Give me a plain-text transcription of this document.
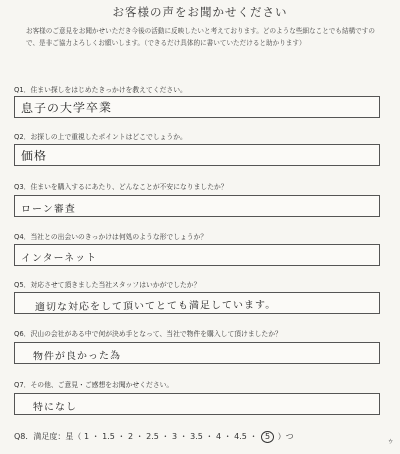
お客様の声をお聞かせください
お客様のご意見をお聞かせいただき今後の活動に反映したいと考えております。どのような些細なことでも結構ですので、是非ご協力よろしくお願いします。（できるだけ具体的に書いていただけると助かります）
Q1．住まい探しをはじめたきっかけを教えてください。
息子の大学卒業
Q2．お探しの上で重視したポイントはどこでしょうか。
価格
Q3．住まいを購入するにあたり、どんなことが不安になりましたか？
ローン審査
Q4．当社との出会いのきっかけは何処のような形でしょうか？
インターネット
Q5．対応させて頂きました当社スタッフはいかがでしたか？
適切な対応をして頂いてとても満足しています。
Q6．沢山の会社がある中で何が決め手となって、当社で物件を購入して頂けましたか？
物件が良かった為
Q7．その他、ご意見・ご感想をお聞かせください。
特になし
Q8．満足度：星（ 1 ・ 1.5 ・ 2 ・ 2.5 ・ 3 ・ 3.5 ・ 4 ・ 4.5 ・ 5 ）つ	ゥ
